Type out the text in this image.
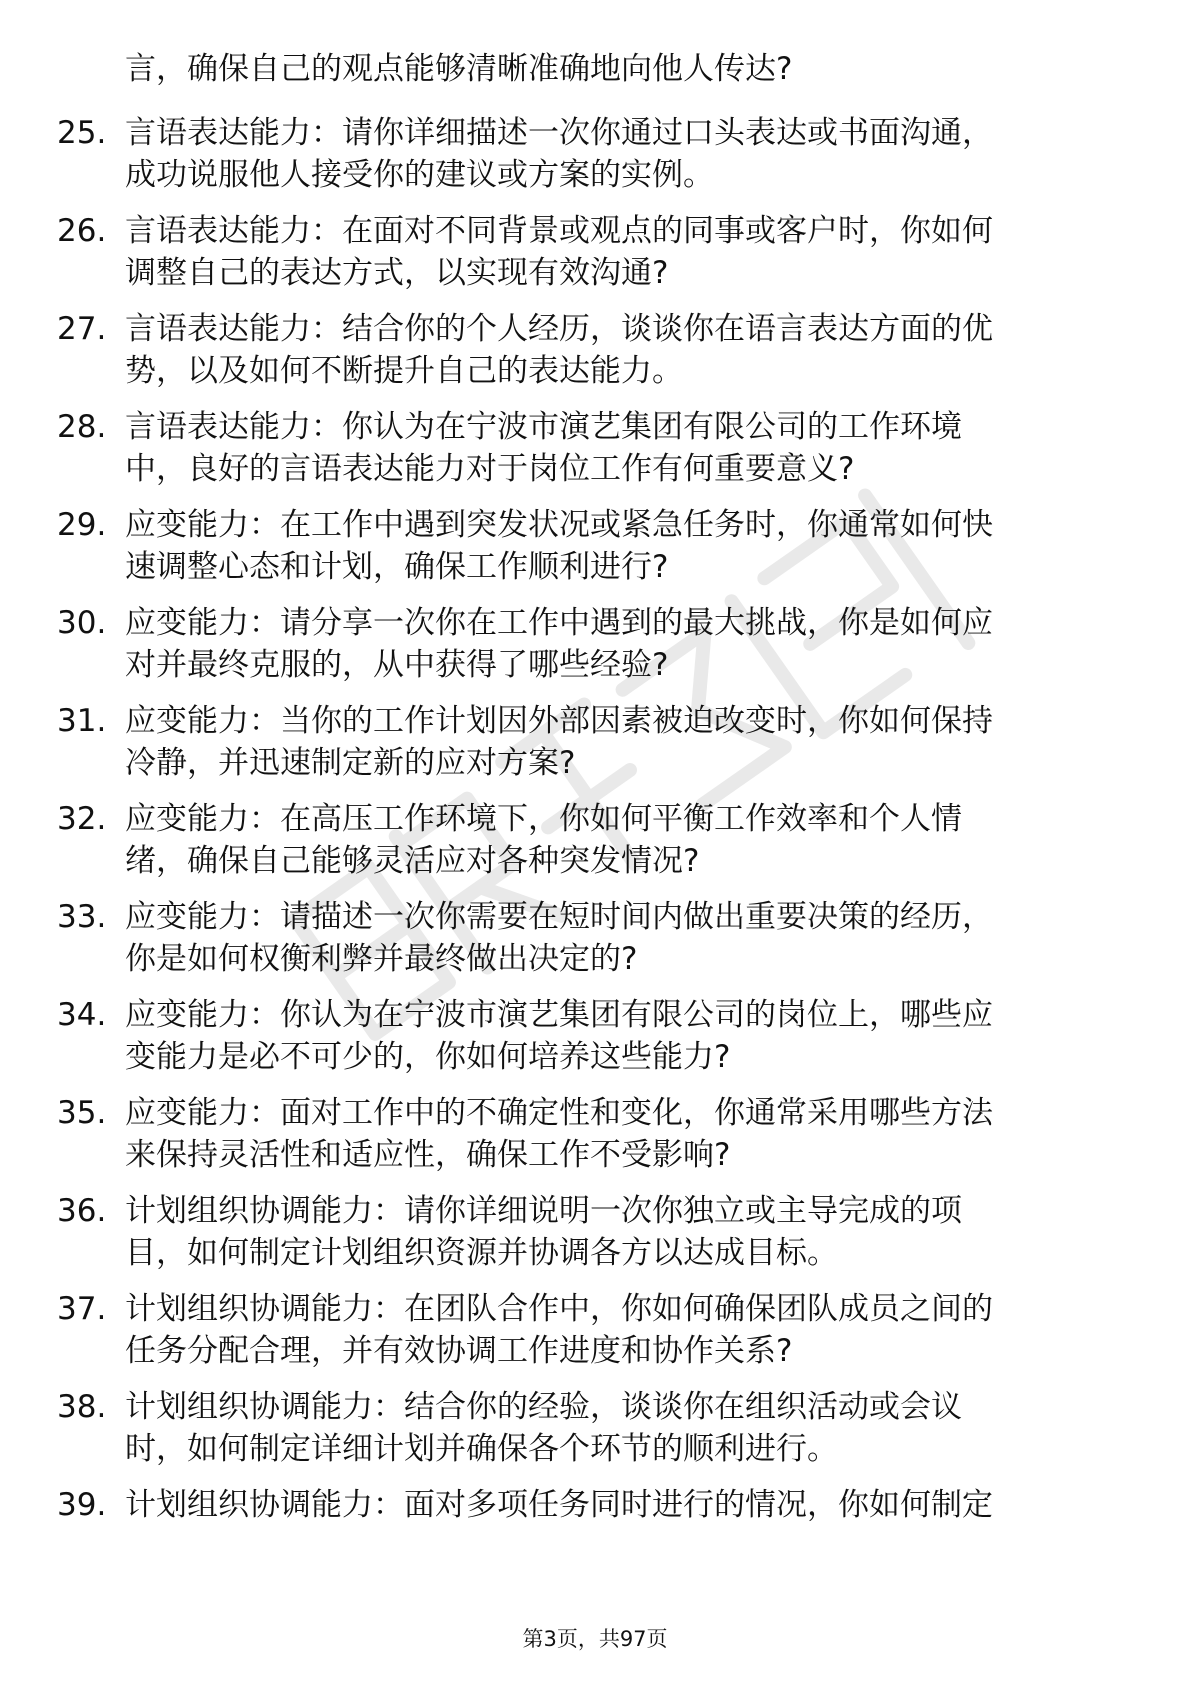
言，确保自己的观点能够清晰准确地向他人传达?
25. 言语表达能力：请你详细描述一次你通过口头表达或书面沟通，
成功说服他人接受你的建议或方案的实例。
26. 言语表达能力：在面对不同背景或观点的同事或客户时，你如何
调整自己的表达方式，以实现有效沟通?
27. 言语表达能力：结合你的个人经历，谈谈你在语言表达方面的优
势，以及如何不断提升自己的表达能力。
28. 言语表达能力：你认为在宁波市演艺集团有限公司的工作环境
中，良好的言语表达能力对于岗位工作有何重要意义?
29. 应变能力：在工作中遇到突发状况或紧急任务时，你通常如何快
速调整心态和计划，确保工作顺利进行?
30. 应变能力：请分享一次你在工作中遇到的最大挑战，你是如何应
对并最终克服的，从中获得了哪些经验?
31. 应变能力：当你的工作计划因外部因素被迫改变时，你如何保持
冷静，并迅速制定新的应对方案?
32. 应变能力：在高压工作环境下，你如何平衡工作效率和个人情
绪，确保自己能够灵活应对各种突发情况?
33. 应变能力：请描述一次你需要在短时间内做出重要决策的经历，
你是如何权衡利弊并最终做出决定的?
34. 应变能力：你认为在宁波市演艺集团有限公司的岗位上，哪些应
变能力是必不可少的，你如何培养这些能力?
35. 应变能力：面对工作中的不确定性和变化，你通常采用哪些方法
来保持灵活性和适应性，确保工作不受影响?
36. 计划组织协调能力：请你详细说明一次你独立或主导完成的项
目，如何制定计划组织资源并协调各方以达成目标。
37. 计划组织协调能力：在团队合作中，你如何确保团队成员之间的
任务分配合理，并有效协调工作进度和协作关系?
38. 计划组织协调能力：结合你的经验，谈谈你在组织活动或会议
时，如何制定详细计划并确保各个环节的顺利进行。
39. 计划组织协调能力：面对多项任务同时进行的情况，你如何制定
第3页，共97页
